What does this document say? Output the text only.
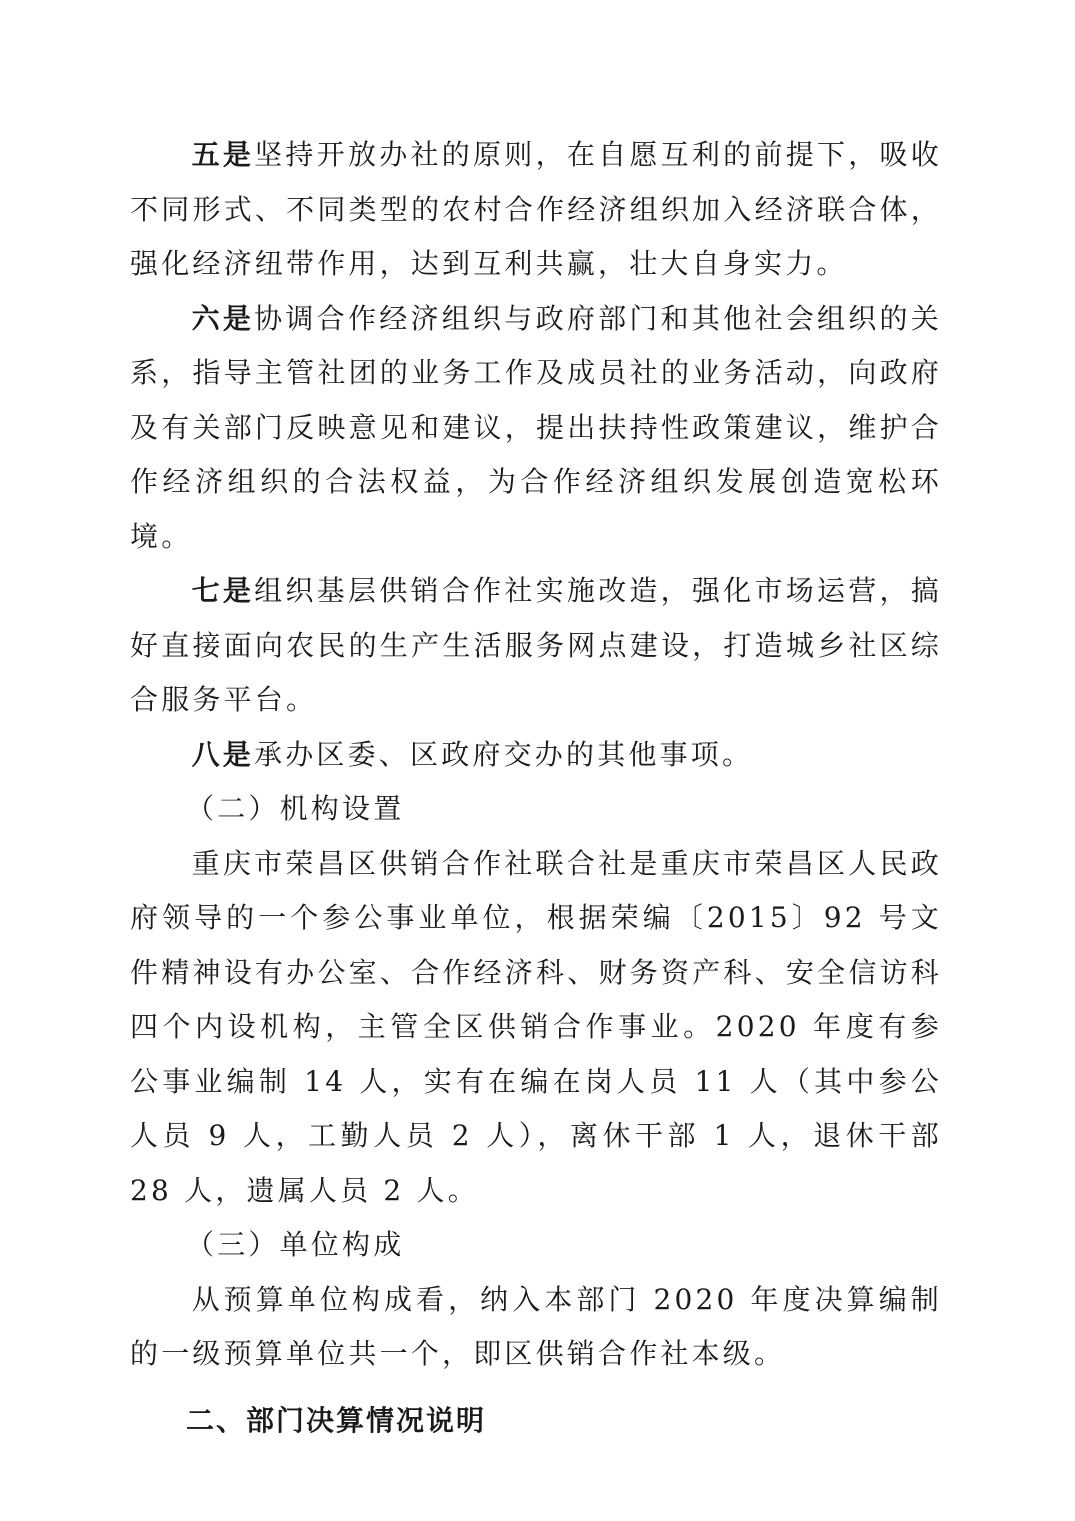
五是坚持开放办社的原则，在自愿互利的前提下，吸收不同形式、不同类型的农村合作经济组织加入经济联合体，强化经济纽带作用，达到互利共赢，壮大自身实力。

六是协调合作经济组织与政府部门和其他社会组织的关系，指导主管社团的业务工作及成员社的业务活动，向政府及有关部门反映意见和建议，提出扶持性政策建议，维护合作经济组织的合法权益，为合作经济组织发展创造宽松环境。

七是组织基层供销合作社实施改造，强化市场运营，搞好直接面向农民的生产生活服务网点建设，打造城乡社区综合服务平台。

八是承办区委、区政府交办的其他事项。

（二）机构设置

重庆市荣昌区供销合作社联合社是重庆市荣昌区人民政府领导的一个参公事业单位，根据荣编〔2015〕92 号文件精神设有办公室、合作经济科、财务资产科、安全信访科四个内设机构，主管全区供销合作事业。2020 年度有参公事业编制 14 人，实有在编在岗人员 11 人（其中参公人员 9 人，工勤人员 2 人），离休干部 1 人，退休干部 28 人，遗属人员 2 人。

（三）单位构成

从预算单位构成看，纳入本部门 2020 年度决算编制的一级预算单位共一个，即区供销合作社本级。

二、部门决算情况说明
